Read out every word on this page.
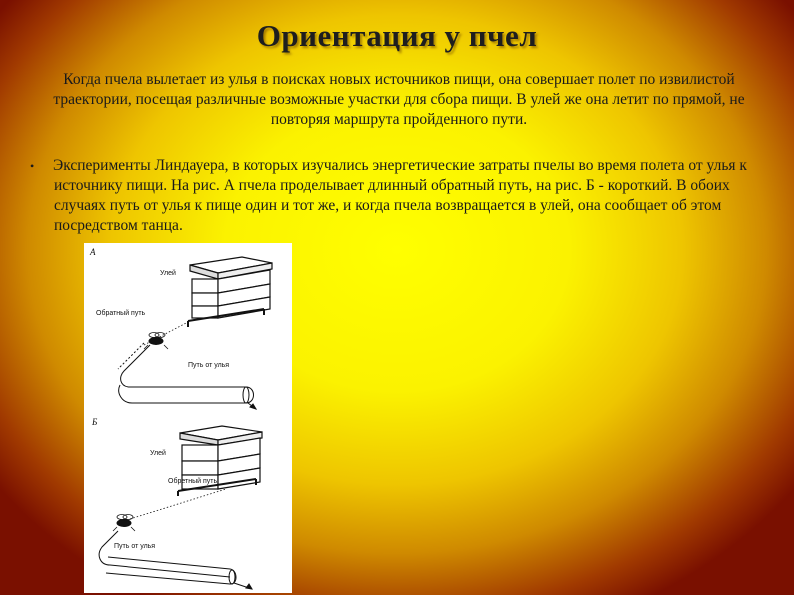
Ориентация у пчел
Когда пчела вылетает из улья в поисках новых источников пищи, она совершает полет по извилистой траектории, посещая различные возможные участки для сбора пищи. В улей же она летит по прямой, не повторяя маршрута пройденного пути.
•	Эксперименты Линдауера, в которых изучались энергетические затраты пчелы во время полета от улья к источнику пищи. На рис. А пчела проделывает длинный обратный путь, на рис. Б - короткий. В обоих случаях путь от улья к пище один и тот же, и когда пчела возвращается в улей, она сообщает об этом посредством танца.
А
Улей
Обратный путь
Путь от улья
Б
Улей
Обретный путь
Путь от улья
